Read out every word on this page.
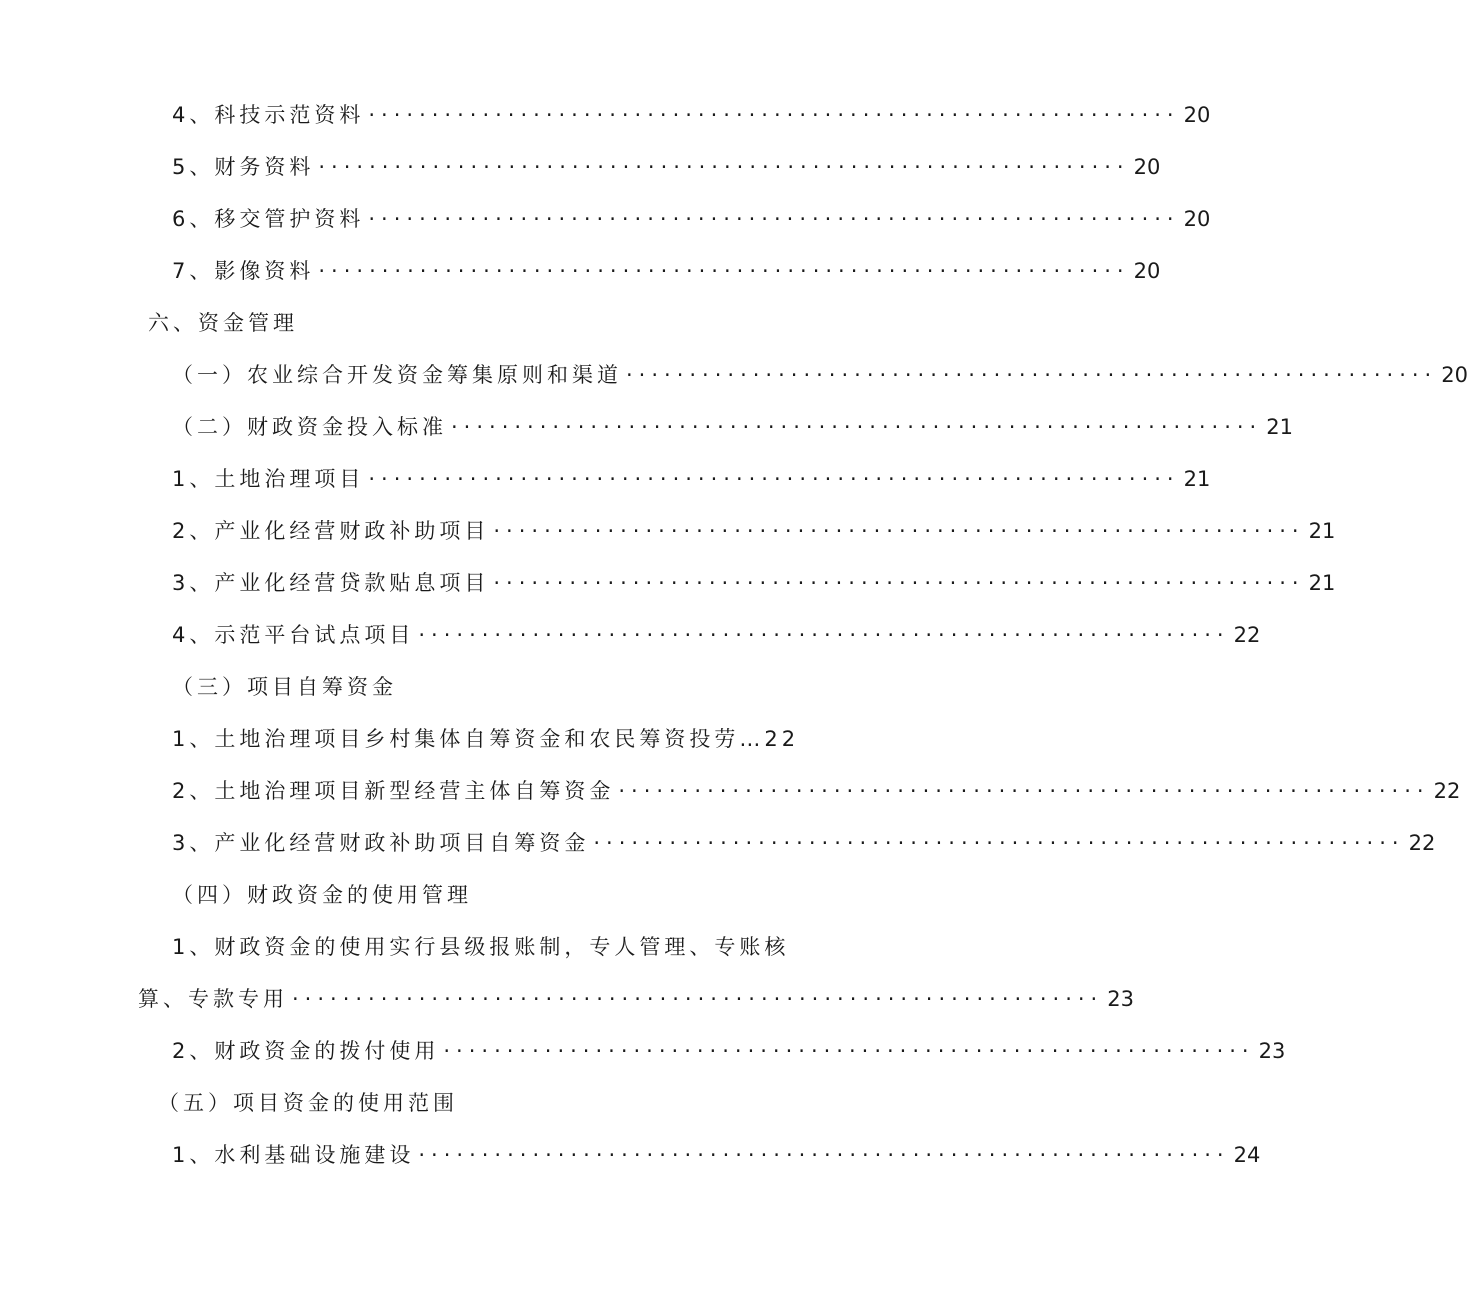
4、科技示范资料 ································································ 20
5、财务资料 ································································ 20
6、移交管护资料 ································································ 20
7、影像资料 ································································ 20
六、资金管理
（一）农业综合开发资金筹集原则和渠道 ································································ 20
（二）财政资金投入标准 ································································ 21
1、土地治理项目 ································································ 21
2、产业化经营财政补助项目 ································································ 21
3、产业化经营贷款贴息项目 ································································ 21
4、示范平台试点项目 ································································ 22
（三）项目自筹资金
1、土地治理项目乡村集体自筹资金和农民筹资投劳…22
2、土地治理项目新型经营主体自筹资金 ································································ 22
3、产业化经营财政补助项目自筹资金 ································································ 22
（四）财政资金的使用管理
1、财政资金的使用实行县级报账制，专人管理、专账核
算、专款专用 ································································ 23
2、财政资金的拨付使用 ································································ 23
（五）项目资金的使用范围
1、水利基础设施建设 ································································ 24
